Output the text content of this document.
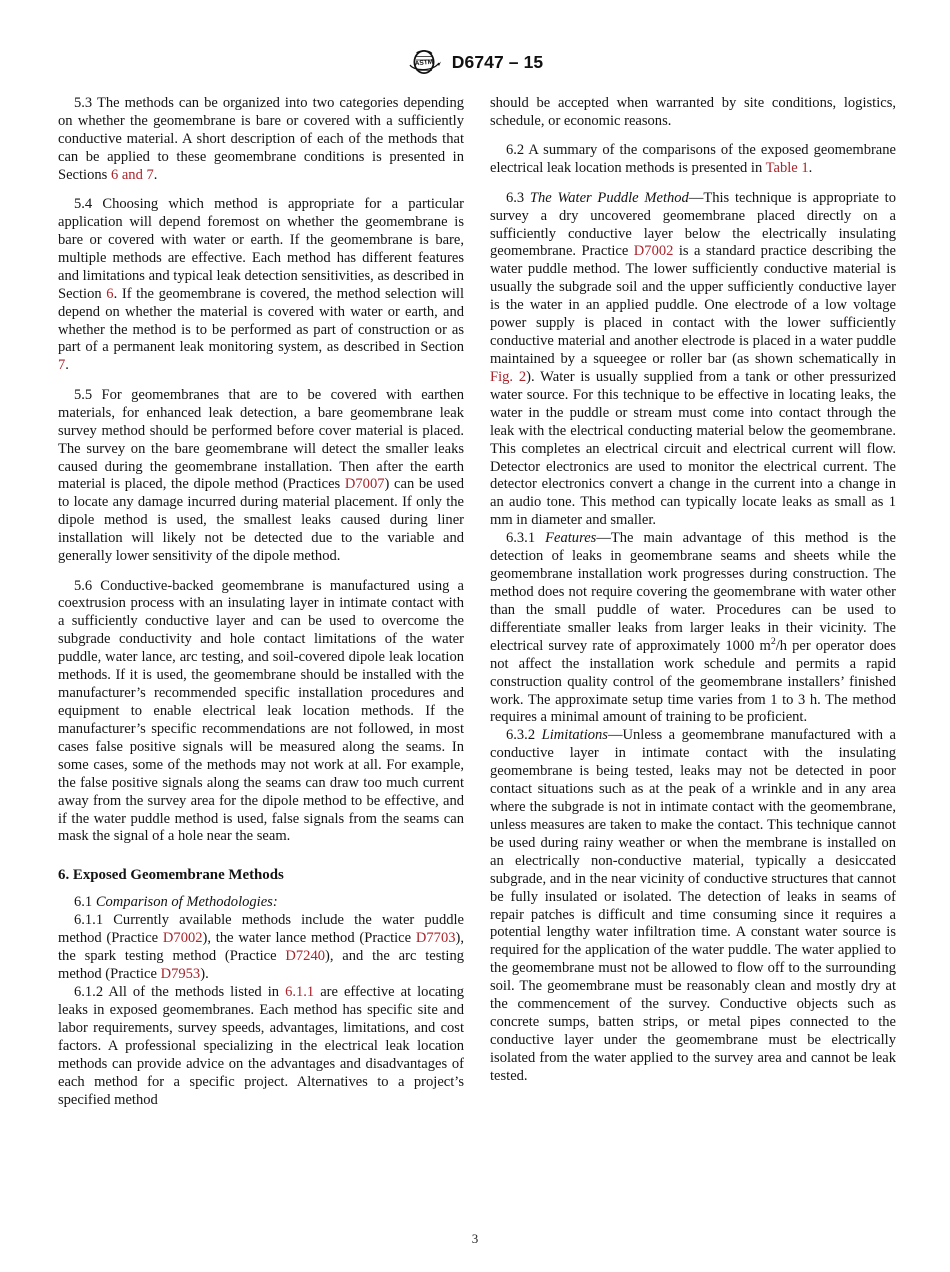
ASTM D6747 – 15

5.3 The methods can be organized into two categories depending on whether the geomembrane is bare or covered with a sufficiently conductive material. A short description of each of the methods that can be applied to these geomembrane conditions is presented in Sections 6 and 7.

5.4 Choosing which method is appropriate for a particular application will depend foremost on whether the geomembrane is bare or covered with water or earth. If the geomembrane is bare, multiple methods are effective. Each method has different features and limitations and typical leak detection sensitivities, as described in Section 6. If the geomembrane is covered, the method selection will depend on whether the material is covered with water or earth, and whether the method is to be performed as part of construction or as part of a permanent leak monitoring system, as described in Section 7.

5.5 For geomembranes that are to be covered with earthen materials, for enhanced leak detection, a bare geomembrane leak survey method should be performed before cover material is placed. The survey on the bare geomembrane will detect the smaller leaks caused during the geomembrane installation. Then after the earth material is placed, the dipole method (Practices D7007) can be used to locate any damage incurred during material placement. If only the dipole method is used, the smallest leaks caused during liner installation will likely not be detected due to the variable and generally lower sensitivity of the dipole method.

5.6 Conductive-backed geomembrane is manufactured using a coextrusion process with an insulating layer in intimate contact with a sufficiently conductive layer and can be used to overcome the subgrade conductivity and hole contact limitations of the water puddle, water lance, arc testing, and soil-covered dipole leak location methods. If it is used, the geomembrane should be installed with the manufacturer’s recommended specific installation procedures and equipment to enable electrical leak location methods. If the manufacturer’s specific recommendations are not followed, in most cases false positive signals will be measured along the seams. In some cases, some of the methods may not work at all. For example, the false positive signals along the seams can draw too much current away from the survey area for the dipole method to be effective, and if the water puddle method is used, false signals from the seams can mask the signal of a hole near the seam.

6. Exposed Geomembrane Methods

6.1 Comparison of Methodologies:

6.1.1 Currently available methods include the water puddle method (Practice D7002), the water lance method (Practice D7703), the spark testing method (Practice D7240), and the arc testing method (Practice D7953).

6.1.2 All of the methods listed in 6.1.1 are effective at locating leaks in exposed geomembranes. Each method has specific site and labor requirements, survey speeds, advantages, limitations, and cost factors. A professional specializing in the electrical leak location methods can provide advice on the advantages and disadvantages of each method for a specific project. Alternatives to a project’s specified method

should be accepted when warranted by site conditions, logistics, schedule, or economic reasons.

6.2 A summary of the comparisons of the exposed geomembrane electrical leak location methods is presented in Table 1.

6.3 The Water Puddle Method—This technique is appropriate to survey a dry uncovered geomembrane placed directly on a sufficiently conductive layer below the electrically insulating geomembrane. Practice D7002 is a standard practice describing the water puddle method. The lower sufficiently conductive material is usually the subgrade soil and the upper sufficiently conductive layer is the water in an applied puddle. One electrode of a low voltage power supply is placed in contact with the lower sufficiently conductive material and another electrode is placed in a water puddle maintained by a squeegee or roller bar (as shown schematically in Fig. 2). Water is usually supplied from a tank or other pressurized water source. For this technique to be effective in locating leaks, the water in the puddle or stream must come into contact through the leak with the electrical conducting material below the geomembrane. This completes an electrical circuit and electrical current will flow. Detector electronics are used to monitor the electrical current. The detector electronics convert a change in the current into a change in an audio tone. This method can typically locate leaks as small as 1 mm in diameter and smaller.

6.3.1 Features—The main advantage of this method is the detection of leaks in geomembrane seams and sheets while the geomembrane installation work progresses during construction. The method does not require covering the geomembrane with water other than the small puddle of water. Procedures can be used to differentiate smaller leaks from larger leaks in their vicinity. The electrical survey rate of approximately 1000 $m^2/h$ per operator does not affect the installation work schedule and permits a rapid construction quality control of the geomembrane installers’ finished work. The approximate setup time varies from 1 to 3 h. The method requires a minimal amount of training to be proficient.

6.3.2 Limitations—Unless a geomembrane manufactured with a conductive layer in intimate contact with the insulating geomembrane is being tested, leaks may not be detected in poor contact situations such as at the peak of a wrinkle and in any area where the subgrade is not in intimate contact with the geomembrane, unless measures are taken to make the contact. This technique cannot be used during rainy weather or when the membrane is installed on an electrically non-conductive material, typically a desiccated subgrade, and in the near vicinity of conductive structures that cannot be fully insulated or isolated. The detection of leaks in seams of repair patches is difficult and time consuming since it requires a potential lengthy water infiltration time. A constant water source is required for the application of the water puddle. The water applied to the geomembrane must not be allowed to flow off to the surrounding soil. The geomembrane must be reasonably clean and mostly dry at the commencement of the survey. Conductive objects such as concrete sumps, batten strips, or metal pipes connected to the conductive layer under the geomembrane must be electrically isolated from the water applied to the survey area and cannot be leak tested.

3
